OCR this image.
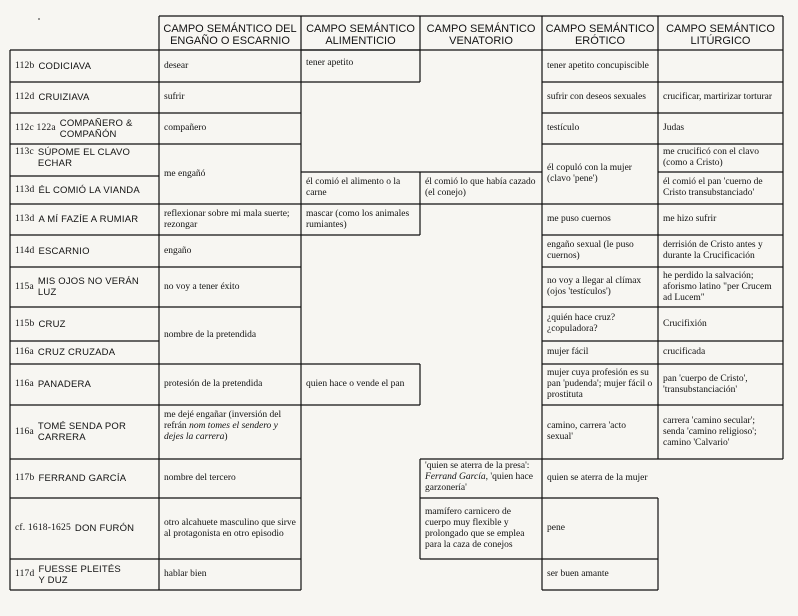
CAMPO SEMÁNTICO DEL ENGAÑO O ESCARNIO
CAMPO SEMÁNTICO ALIMENTICIO
CAMPO SEMÁNTICO VENATORIO
CAMPO SEMÁNTICO ERÓTICO
CAMPO SEMÁNTICO LITÚRGICO
112b CODICIAVA
112d CRUIZIAVA
112c 122a COMPAÑERO &
COMPAÑÓN
113c SÚPOME EL CLAVO
ECHAR
113d ÉL COMIÓ LA VIANDA
113d A MÍ FAZÍE A RUMIAR
114d ESCARNIO
115a MIS OJOS NO VERÁN
LUZ
115b CRUZ
116a CRUZ CRUZADA
116a PANADERA
116a TOMÉ SENDA POR
CARRERA
117b FERRAND GARCÍA
cf. 1618-1625 DON FURÓN
117d FUESSE PLEITÉS
Y DUZ
desear
sufrir
compañero
me engañó
reflexionar sobre mi mala suerte; rezongar
engaño
no voy a tener éxito
nombre de la pretendida
protesión de la pretendida
me dejé engañar (inversión del refrán nom tomes el sendero y dejes la carrera)
nombre del tercero
otro alcahuete masculino que sirve al protagonista en otro episodio
hablar bien
tener apetito
él comió el alimento o la carne
mascar (como los animales rumiantes)
quien hace o vende el pan
él comió lo que había cazado (el conejo)
'quien se aterra de la presa': Ferrand García, 'quien hace garzonería'
mamífero carnicero de cuerpo muy flexible y prolongado que se emplea para la caza de conejos
tener apetito concupiscible
sufrir con deseos sexuales
testículo
él copuló con la mujer (clavo 'pene')
me puso cuernos
engaño sexual (le puso cuernos)
no voy a llegar al clímax (ojos 'testículos')
¿quién hace cruz? ¿copuladora?
mujer fácil
mujer cuya profesión es su pan 'pudenda'; mujer fácil o prostituta
camino, carrera 'acto sexual'
quien se aterra de la mujer
pene
ser buen amante
crucificar, martirizar torturar
Judas
me crucificó con el clavo (como a Cristo)
él comió el pan 'cuerno de Cristo transubstanciado'
me hizo sufrir
derrisión de Cristo antes y durante la Crucificación
he perdido la salvación; aforismo latino "per Crucem ad Lucem"
Crucifixión
crucificada
pan 'cuerpo de Cristo', 'transubstanciación'
carrera 'camino secular'; senda 'camino religioso'; camino 'Calvario'
